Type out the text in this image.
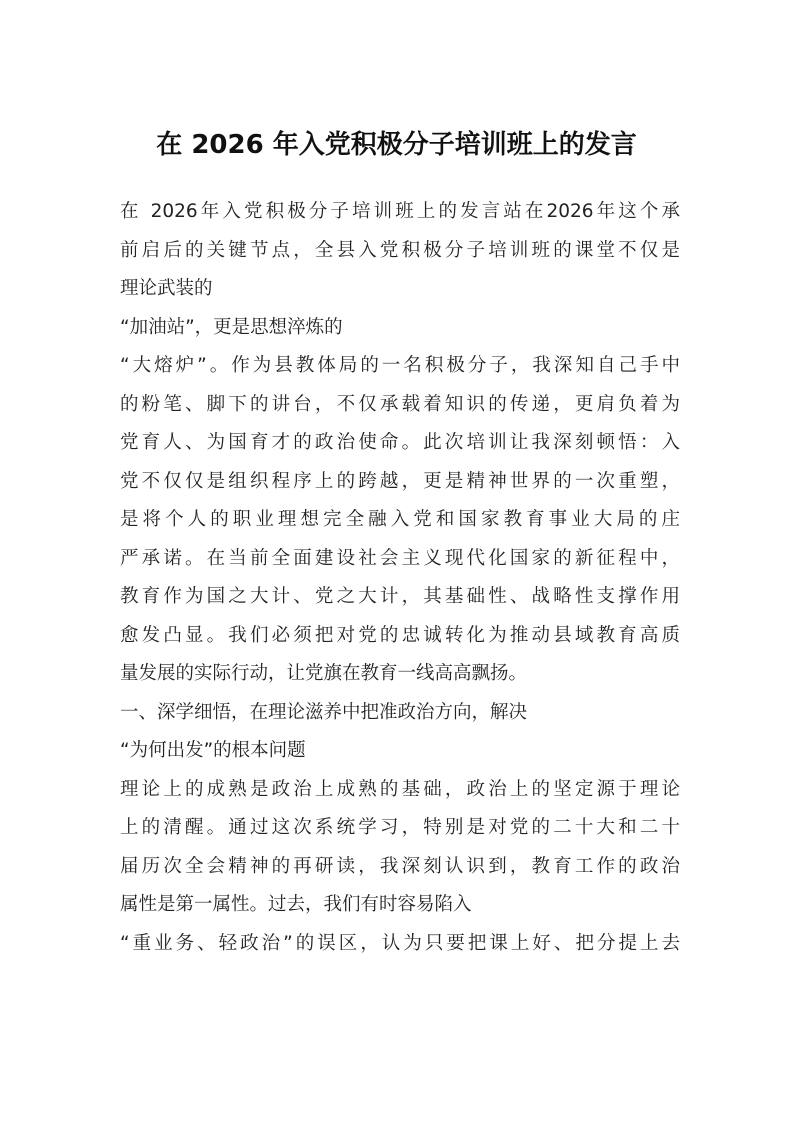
在 2026 年入党积极分子培训班上的发言
在 2026年入党积极分子培训班上的发言站在2026年这个承
前启后的关键节点，全县入党积极分子培训班的课堂不仅是
理论武装的
“加油站”，更是思想淬炼的
“大熔炉”。作为县教体局的一名积极分子，我深知自己手中
的粉笔、脚下的讲台，不仅承载着知识的传递，更肩负着为
党育人、为国育才的政治使命。此次培训让我深刻顿悟：入
党不仅仅是组织程序上的跨越，更是精神世界的一次重塑，
是将个人的职业理想完全融入党和国家教育事业大局的庄
严承诺。在当前全面建设社会主义现代化国家的新征程中，
教育作为国之大计、党之大计，其基础性、战略性支撑作用
愈发凸显。我们必须把对党的忠诚转化为推动县域教育高质
量发展的实际行动，让党旗在教育一线高高飘扬。
一、深学细悟，在理论滋养中把准政治方向，解决
“为何出发”的根本问题
理论上的成熟是政治上成熟的基础，政治上的坚定源于理论
上的清醒。通过这次系统学习，特别是对党的二十大和二十
届历次全会精神的再研读，我深刻认识到，教育工作的政治
属性是第一属性。过去，我们有时容易陷入
“重业务、轻政治”的误区，认为只要把课上好、把分提上去
